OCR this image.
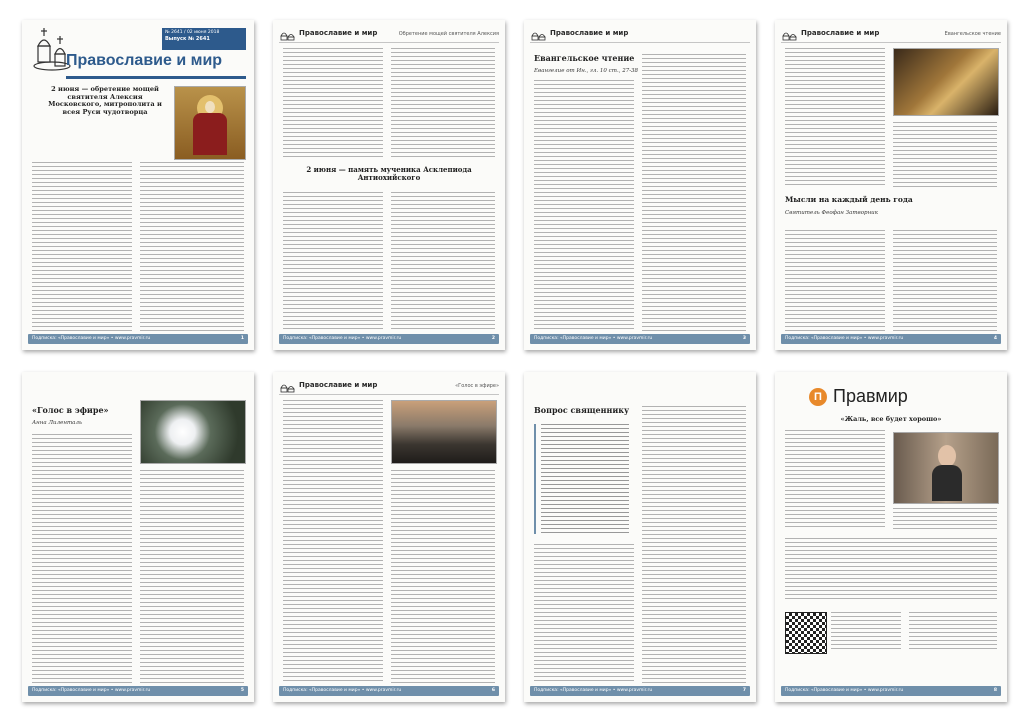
№ 2641 / 02 июня 2018
Выпуск № 2641
Православие и мир
2 июня — обретение мощей святителя Алексия Московского, митрополита и всея Руси чудотворца
Подписка: «Православие и мир» • www.pravmir.ru	1
Православие и мир	Обретение мощей святителя Алексия
2 июня — память мученика Асклепиода Антиохийского
Подписка: «Православие и мир» • www.pravmir.ru	2
Православие и мир
Евангельское чтение
Евангелие от Ин., гл. 10 ст., 27-38
Подписка: «Православие и мир» • www.pravmir.ru	3
Православие и мир	Евангельское чтение
Мысли на каждый день года
Святитель Феофан Затворник
Подписка: «Православие и мир» • www.pravmir.ru	4
«Голос в эфире»
Анна Лиленталь
Подписка: «Православие и мир» • www.pravmir.ru	5
Православие и мир	«Голос в эфире»
Подписка: «Православие и мир» • www.pravmir.ru	6
Вопрос священнику
Подписка: «Православие и мир» • www.pravmir.ru	7
П Правмир
«Жаль, все будет хорошо»
Подписка: «Православие и мир» • www.pravmir.ru	8
